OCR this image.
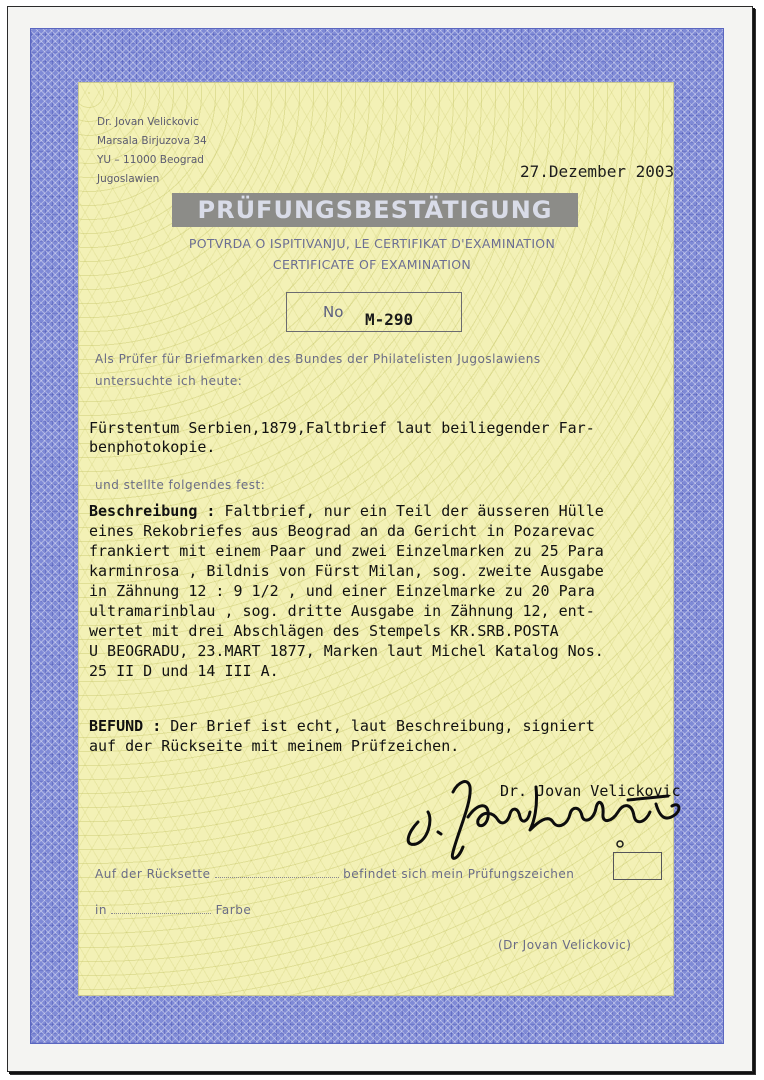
Dr. Jovan Velickovic
Marsala Birjuzova 34
YU – 11000 Beograd
Jugoslawien	27.Dezember 2003
PRÜFUNGSBESTÄTIGUNG
POTVRDA O ISPITIVANJU, LE CERTIFIKAT D'EXAMINATION
CERTIFICATE OF EXAMINATION
No M-290
Als Prüfer für Briefmarken des Bundes der Philatelisten Jugoslawiens
untersuchte ich heute:
Fürstentum Serbien,1879,Faltbrief laut beiliegender Far-
benphotokopie.
und stellte folgendes fest:
Beschreibung : Faltbrief, nur ein Teil der äusseren Hülle
eines Rekobriefes aus Beograd an da Gericht in Pozarevac
frankiert mit einem Paar und zwei Einzelmarken zu 25 Para
karminrosa , Bildnis von Fürst Milan, sog. zweite Ausgabe
in Zähnung 12 : 9 1/2 , und einer Einzelmarke zu 20 Para
ultramarinblau , sog. dritte Ausgabe in Zähnung 12, ent-
wertet mit drei Abschlägen des Stempels KR.SRB.POSTA
U BEOGRADU, 23.MART 1877, Marken laut Michel Katalog Nos.
25 II D und 14 III A.
BEFUND : Der Brief ist echt, laut Beschreibung, signiert
auf der Rückseite mit meinem Prüfzeichen.
Dr. Jovan Velickovic
Auf der Rücksette	befindet sich mein Prüfungszeichen
in	Farbe
(Dr Jovan Velickovic)
